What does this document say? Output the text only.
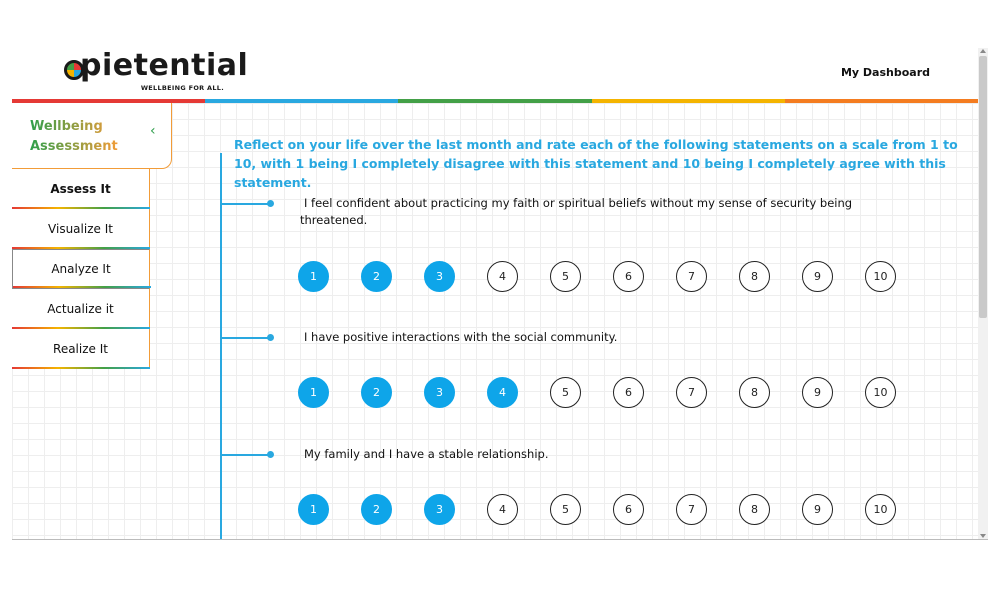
pietential
WELLBEING FOR ALL.
My Dashboard
Wellbeing
Assessment
‹
Assess It
Visualize It
Analyze It
Actualize it
Realize It
Reflect on your life over the last month and rate each of the following statements on a scale from 1 to 10, with 1 being I completely disagree with this statement and 10 being I completely agree with this statement.
I feel confident about practicing my faith or spiritual beliefs without my sense of security being threatened.
1	2	3	4	5	6	7	8	9	10
I have positive interactions with the social community.
1	2	3	4	5	6	7	8	9	10
My family and I have a stable relationship.
1	2	3	4	5	6	7	8	9	10
